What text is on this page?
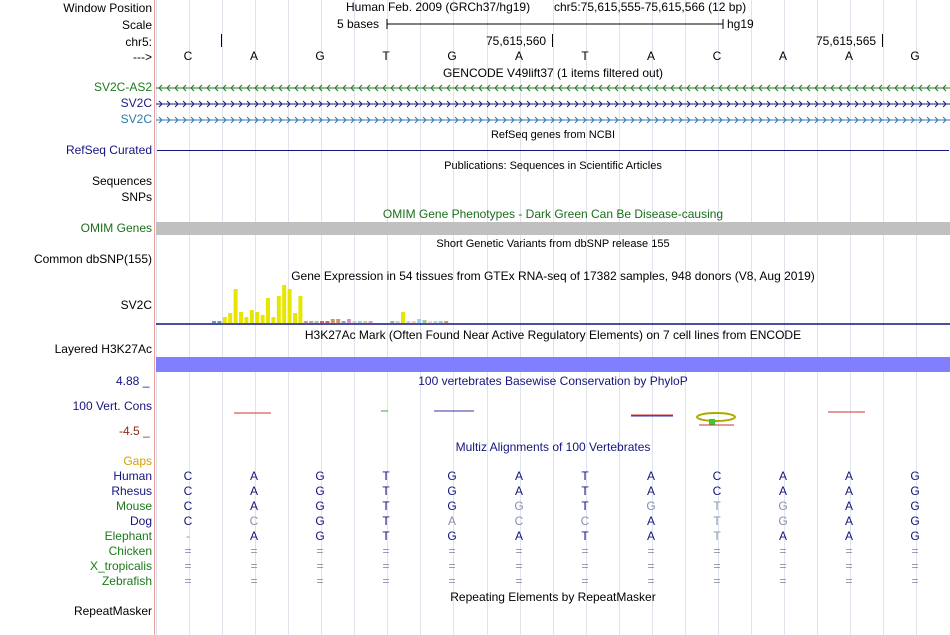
Window Position
Scale
chr5:
--->
Human Feb. 2009 (GRCh37/hg19) chr5:75,615,555-75,615,566 (12 bp)
5 bases	hg19
75,615,560	75,615,565
C	A	G	T	G	A	T	A	C	A	A	G
GENCODE V49lift37 (1 items filtered out)
SV2C-AS2
SV2C
SV2C
RefSeq genes from NCBI
RefSeq Curated
Publications: Sequences in Scientific Articles
Sequences
SNPs
OMIM Gene Phenotypes - Dark Green Can Be Disease-causing
OMIM Genes
Short Genetic Variants from dbSNP release 155
Common dbSNP(155)
Gene Expression in 54 tissues from GTEx RNA-seq of 17382 samples, 948 donors (V8, Aug 2019)
SV2C
H3K27Ac Mark (Often Found Near Active Regulatory Elements) on 7 cell lines from ENCODE
Layered H3K27Ac
4.88 _	100 vertebrates Basewise Conservation by PhyloP
100 Vert. Cons
-4.5 _
Multiz Alignments of 100 Vertebrates
Gaps
Human	C	A	G	T	G	A	T	A	C	A	A	G
Rhesus	C	A	G	T	G	A	T	A	C	A	A	G
Mouse	C	A	G	T	G	G	T	G	T	G	A	G
Dog	C	C	G	T	A	C	C	A	T	G	A	G
Elephant	-	A	G	T	G	A	T	A	T	A	A	G
Chicken	=	=	=	=	=	=	=	=	=	=	=	=
X_tropicalis	=	=	=	=	=	=	=	=	=	=	=	=
Zebrafish	=	=	=	=	=	=	=	=	=	=	=	=
Repeating Elements by RepeatMasker
RepeatMasker
